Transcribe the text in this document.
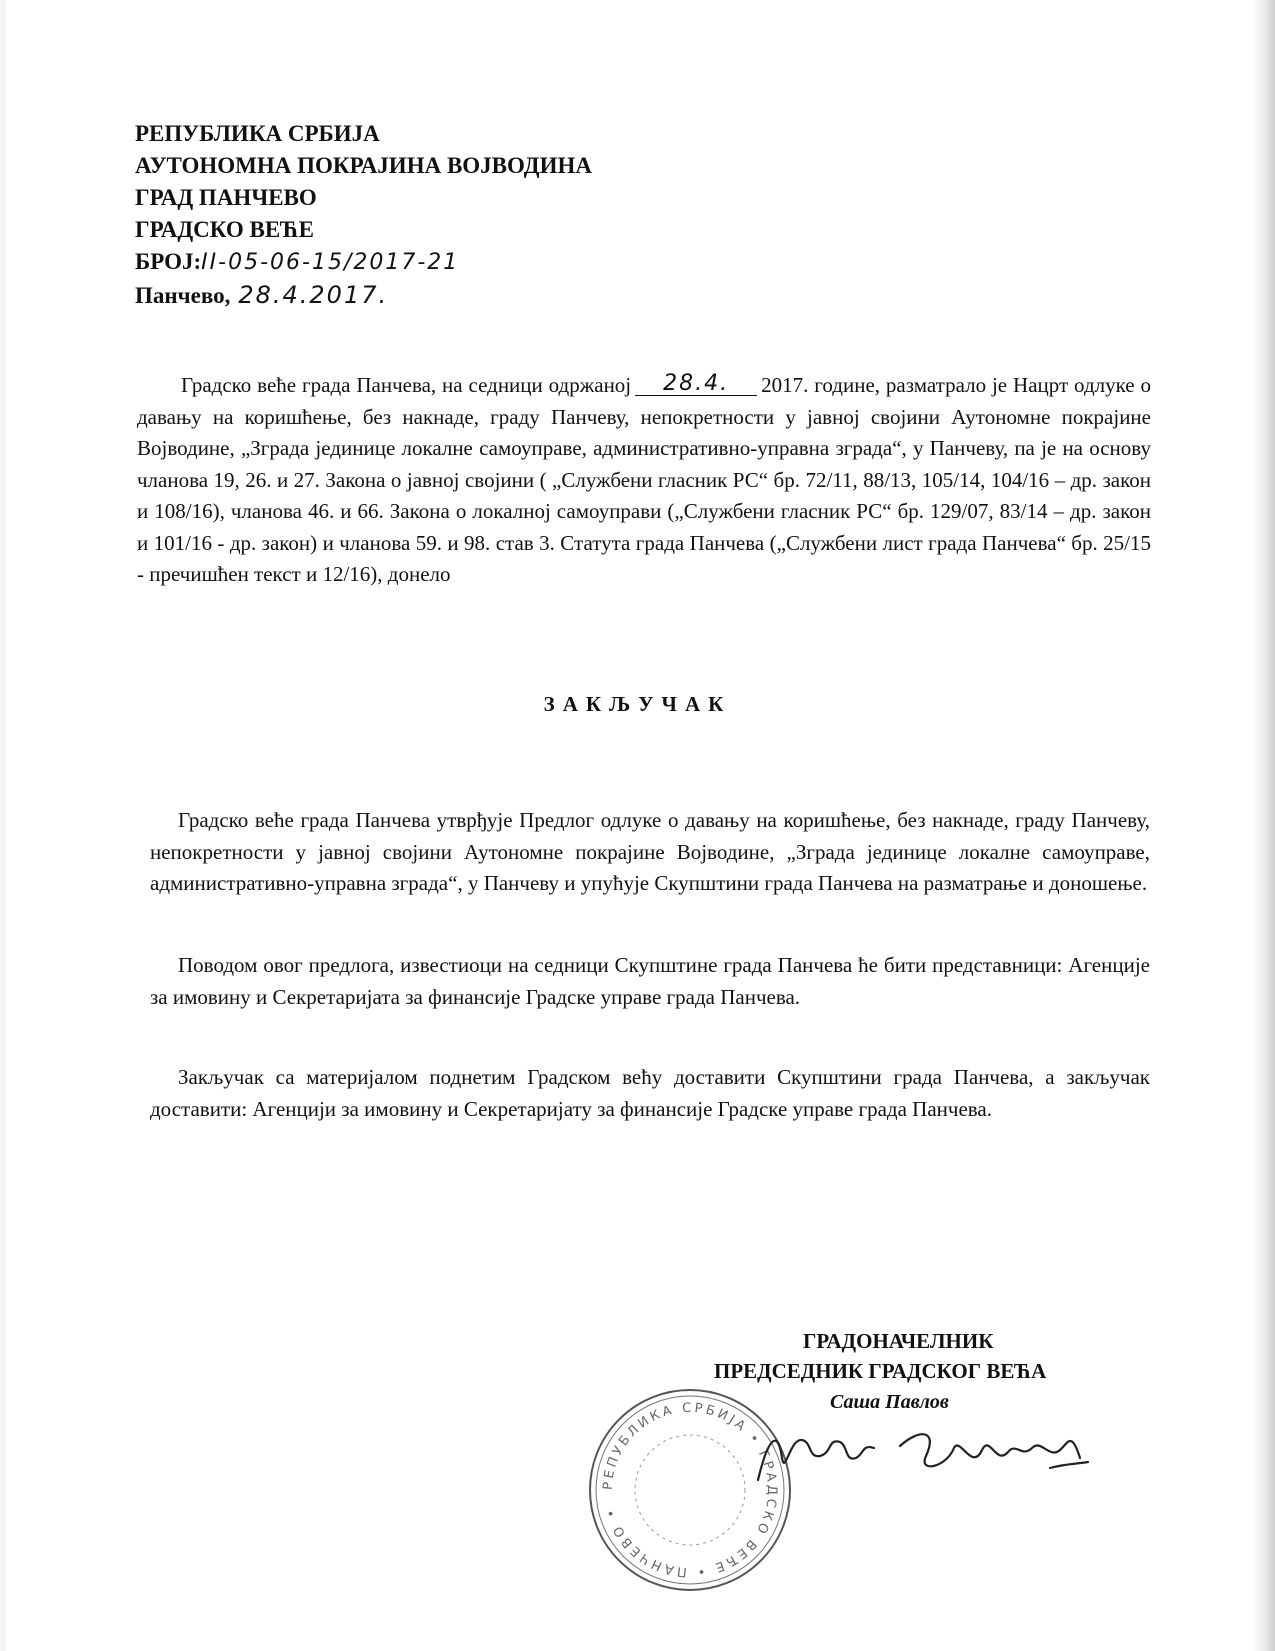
РЕПУБЛИКА СРБИЈА
АУТОНОМНА ПОКРАЈИНА ВОЈВОДИНА
ГРАД ПАНЧЕВО
ГРАДСКО ВЕЋЕ
БРОЈ:II-05-06-15/2017-21
Панчево, 28.4.2017.
Градско веће града Панчева, на седници одржаној 28.4. 2017. године, разматрало је Нацрт одлуке о давању на коришћење, без накнаде, граду Панчеву, непокретности у јавној својини Аутономне покрајине Војводине, „Зграда јединице локалне самоуправе, административно-управна зграда“, у Панчеву, па је на основу чланова 19, 26. и 27. Закона о јавној својини ( „Службени гласник РС“ бр. 72/11, 88/13, 105/14, 104/16 – др. закон и 108/16), чланова 46. и 66. Закона о локалној самоуправи („Службени гласник РС“ бр. 129/07, 83/14 – др. закон и 101/16 - др. закон) и чланова 59. и 98. став 3. Статута града Панчева („Службени лист града Панчева“ бр. 25/15 - пречишћен текст и 12/16), донело
ЗАКЉУЧАК
Градско веће града Панчева утврђује Предлог одлуке о давању на коришћење, без накнаде, граду Панчеву, непокретности у јавној својини Аутономне покрајине Војводине, „Зграда јединице локалне самоуправе, административно-управна зграда“, у Панчеву и упућује Скупштини града Панчева на разматрање и доношење.
Поводом овог предлога, известиоци на седници Скупштине града Панчева ће бити представници: Агенције за имовину и Секретаријата за финансије Градске управе града Панчева.
Закључак са материјалом поднетим Градском већу доставити Скупштини града Панчева, а закључак доставити: Агенцији за имовину и Секретаријату за финансије Градске управе града Панчева.
ГРАДОНАЧЕЛНИК
ПРЕДСЕДНИК ГРАДСКОГ ВЕЋА
Саша Павлов
РЕПУБЛИКА СРБИЈА • ГРАДСКО ВЕЋЕ • ПАНЧЕВО •
